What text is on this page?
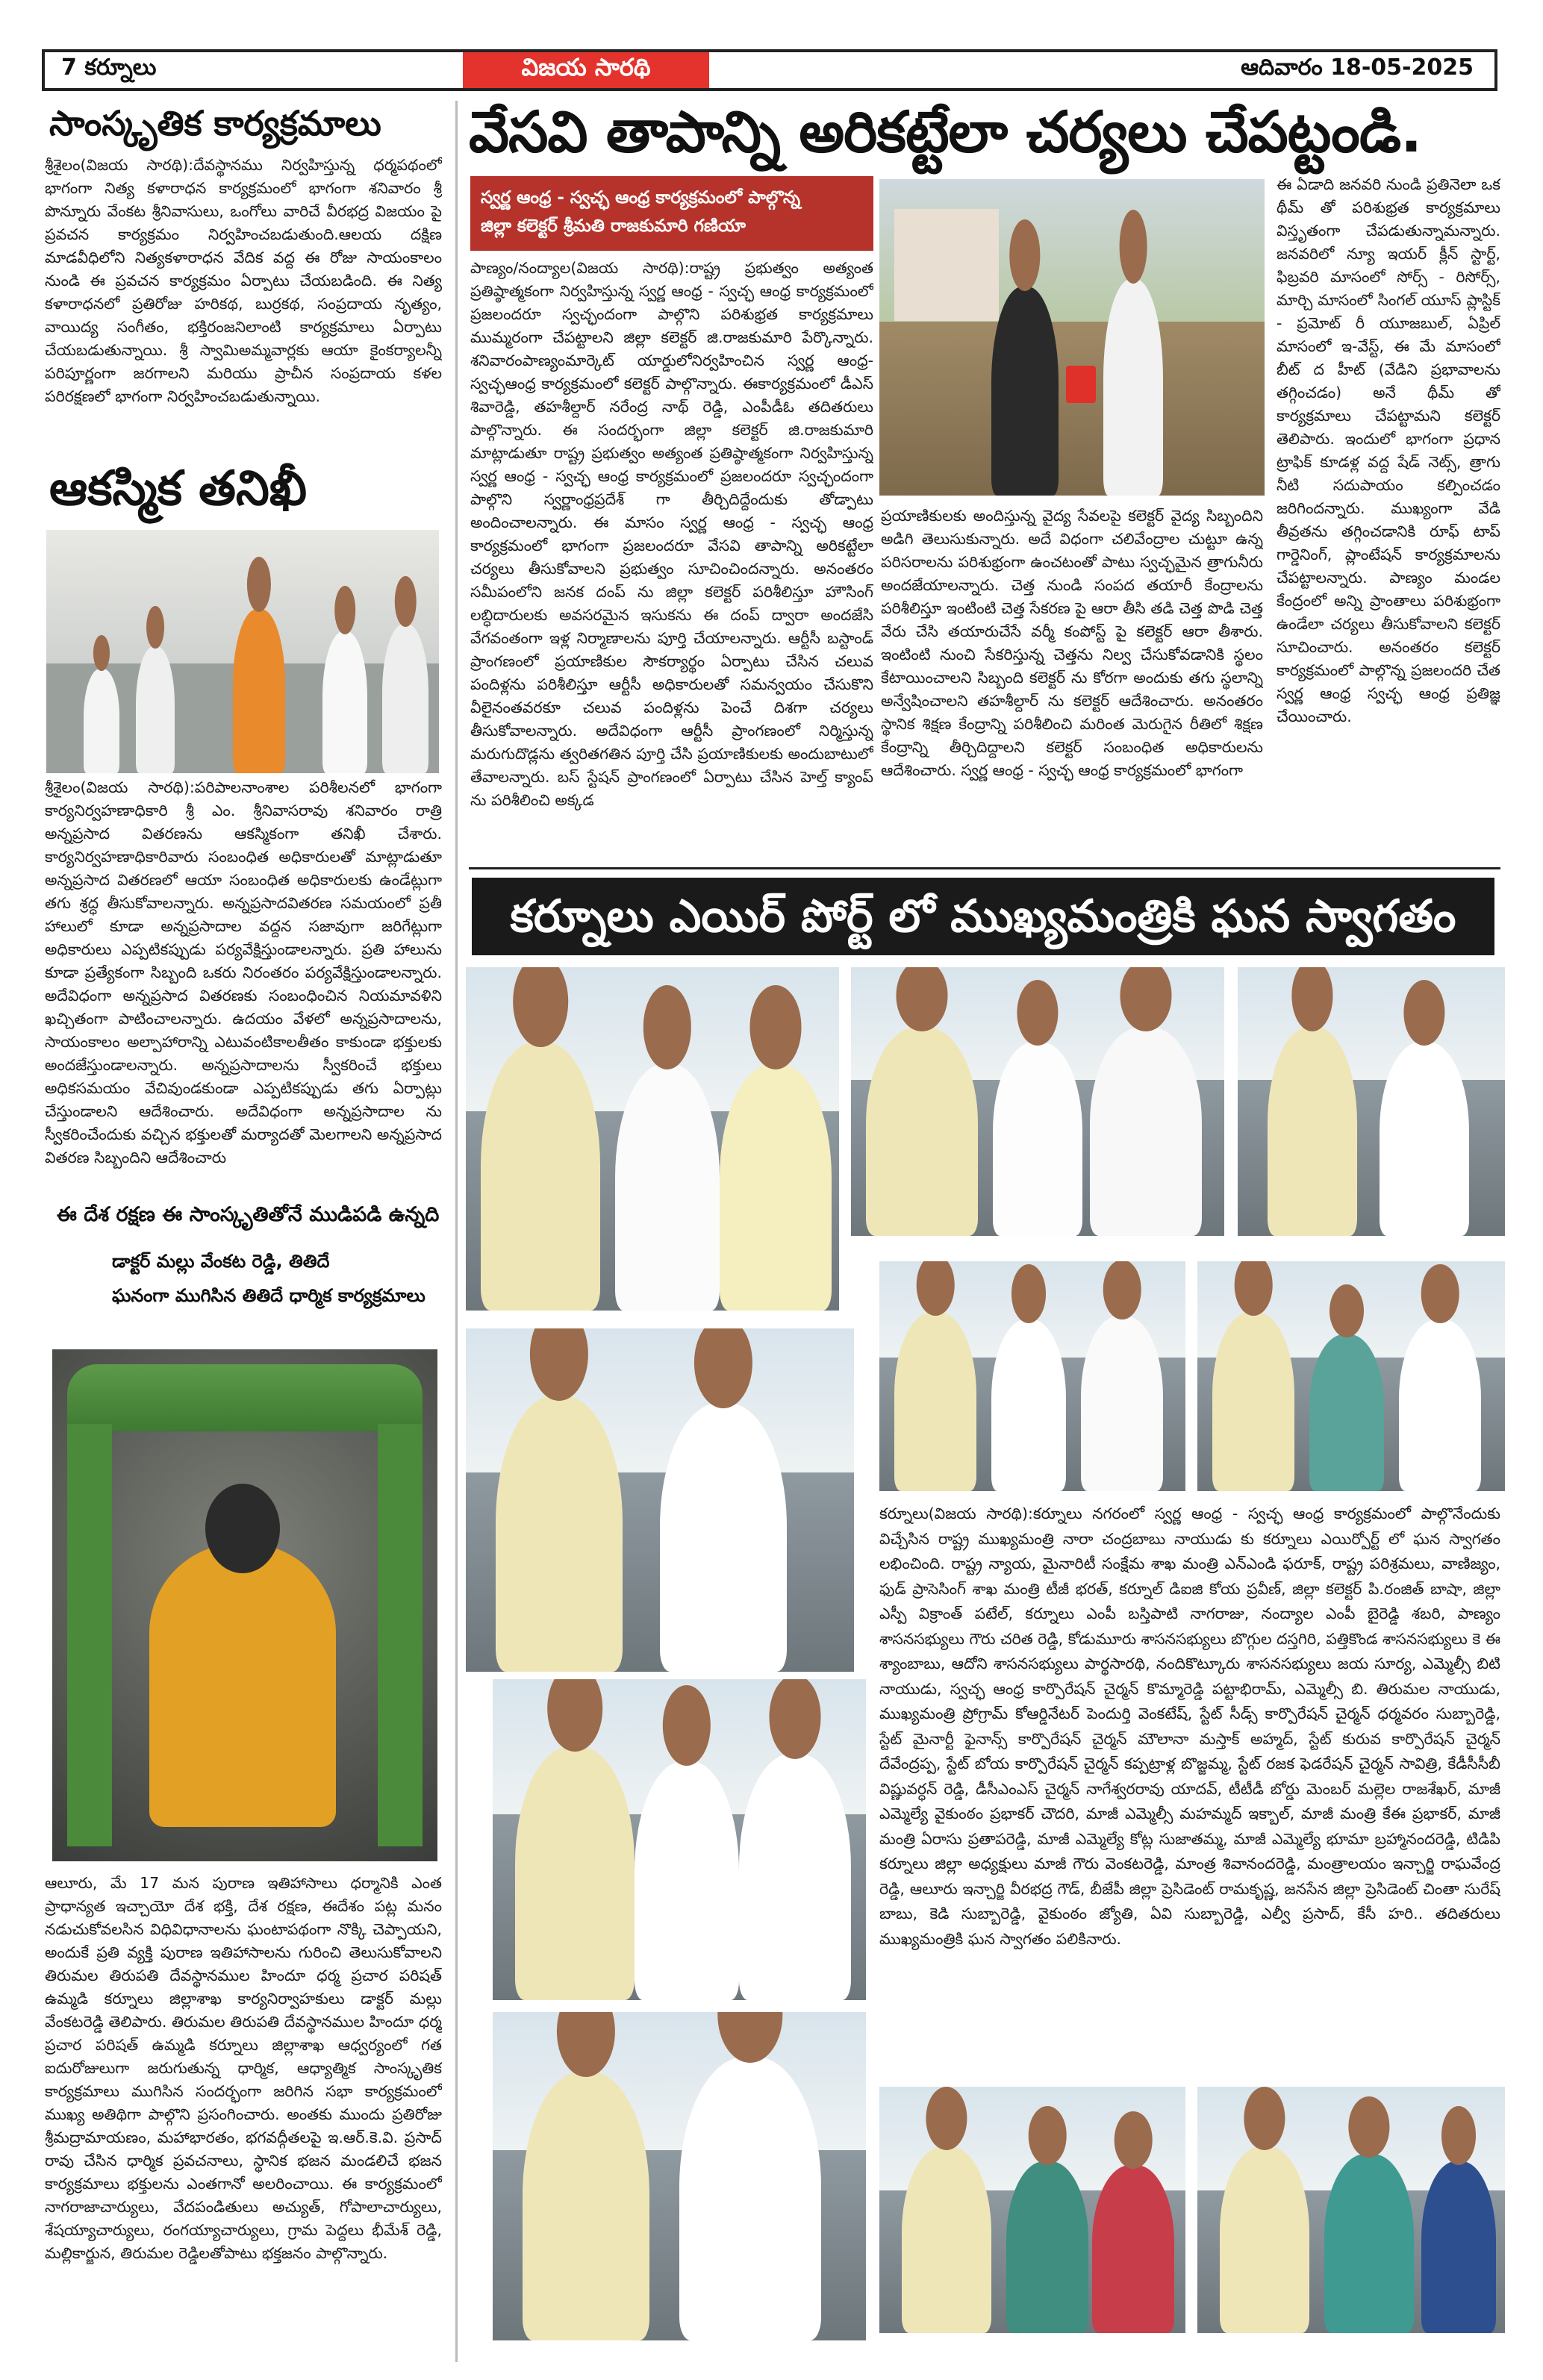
7 కర్నూలు	విజయ సారథి	ఆదివారం 18-05-2025
సాంస్కృతిక కార్యక్రమాలు
శ్రీశైలం(విజయ సారథి):దేవస్థానము నిర్వహిస్తున్న ధర్మపథంలో భాగంగా నిత్య కళారాధన కార్యక్రమంలో భాగంగా శనివారం శ్రీ పొన్నూరు వేంకట శ్రీనివాసులు, ఒంగోలు వారిచే వీరభద్ర విజయం పై ప్రవచన కార్యక్రమం నిర్వహించబడుతుంది.ఆలయ దక్షిణ మాడవీధిలోని నిత్యకళారాధన వేదిక వద్ద ఈ రోజు సాయంకాలం నుండి ఈ ప్రవచన కార్యక్రమం ఏర్పాటు చేయబడింది. ఈ నిత్య కళారాధనలో ప్రతిరోజు హరికథ, బుర్రకథ, సంప్రదాయ నృత్యం, వాయిద్య సంగీతం, భక్తిరంజనిలాంటి కార్యక్రమాలు ఏర్పాటు చేయబడుతున్నాయి. శ్రీ స్వామిఅమ్మవార్లకు ఆయా కైంకర్యాలన్నీ పరిపూర్ణంగా జరగాలని మరియు ప్రాచీన సంప్రదాయ కళల పరిరక్షణలో భాగంగా నిర్వహించబడుతున్నాయి.
ఆకస్మిక తనిఖీ
శ్రీశైలం(విజయ సారథి):పరిపాలనాంశాల పరిశీలనలో భాగంగా కార్యనిర్వహణాధికారి శ్రీ ఎం. శ్రీనివాసరావు శనివారం రాత్రి అన్నప్రసాద వితరణను ఆకస్మికంగా తనిఖీ చేశారు. కార్యనిర్వహణాధికారివారు సంబంధిత అధికారులతో మాట్లాడుతూ అన్నప్రసాద వితరణలో ఆయా సంబంధిత అధికారులకు ఉండేట్లుగా తగు శ్రద్ధ తీసుకోవాలన్నారు. అన్నప్రసాదవితరణ సమయంలో ప్రతీ హాలులో కూడా అన్నప్రసాదాల వద్దన సజావుగా జరిగేట్లుగా అధికారులు ఎప్పటికప్పుడు పర్యవేక్షిస్తుండాలన్నారు. ప్రతి హాలును కూడా ప్రత్యేకంగా సిబ్బంది ఒకరు నిరంతరం పర్యవేక్షిస్తుండాలన్నారు. అదేవిధంగా అన్నప్రసాద వితరణకు సంబంధించిన నియమావళిని ఖచ్చితంగా పాటించాలన్నారు. ఉదయం వేళలో అన్నప్రసాదాలను, సాయంకాలం అల్పాహారాన్ని ఎటువంటికాలతీతం కాకుండా భక్తులకు అందజేస్తుండాలన్నారు. అన్నప్రసాదాలను స్వీకరించే భక్తులు అధికసమయం వేచివుండకుండా ఎప్పటికప్పుడు తగు ఏర్పాట్లు చేస్తుండాలని ఆదేశించారు. అదేవిధంగా అన్నప్రసాదాల ను స్వీకరించేందుకు వచ్చిన భక్తులతో మర్యాదతో మెలగాలని అన్నప్రసాద వితరణ సిబ్బందిని ఆదేశించారు
ఈ దేశ రక్షణ ఈ సాంస్కృతితోనే ముడిపడి ఉన్నది
డాక్టర్ మల్లు వేంకట రెడ్డి, తితిదే
ఘనంగా ముగిసిన తితిదే ధార్మిక కార్యక్రమాలు
ఆలూరు, మే 17 మన పురాణ ఇతిహాసాలు ధర్మానికి ఎంత ప్రాధాన్యత ఇచ్చాయో దేశ భక్తి, దేశ రక్షణ, ఈదేశం పట్ల మనం నడుచుకోవలసిన విధివిధానాలను ఘంటాపథంగా నొక్కి చెప్పాయని, అందుకే ప్రతి వ్యక్తి పురాణ ఇతిహాసాలను గురించి తెలుసుకోవాలని తిరుమల తిరుపతి దేవస్థానముల హిందూ ధర్మ ప్రచార పరిషత్ ఉమ్మడి కర్నూలు జిల్లాశాఖ కార్యనిర్వాహకులు డాక్టర్ మల్లు వేంకటరెడ్డి తెలిపారు. తిరుమల తిరుపతి దేవస్థానముల హిందూ ధర్మ ప్రచార పరిషత్ ఉమ్మడి కర్నూలు జిల్లాశాఖ ఆధ్వర్యంలో గత ఐదురోజులుగా జరుగుతున్న ధార్మిక, ఆధ్యాత్మిక సాంస్కృతిక కార్యక్రమాలు ముగిసిన సందర్భంగా జరిగిన సభా కార్యక్రమంలో ముఖ్య అతిథిగా పాల్గొని ప్రసంగించారు. అంతకు ముందు ప్రతిరోజు శ్రీమద్రామాయణం, మహాభారతం, భగవద్గీతలపై ఇ.ఆర్.కె.వి. ప్రసాద్ రావు చేసిన ధార్మిక ప్రవచనాలు, స్థానిక భజన మండలిచే భజన కార్యక్రమాలు భక్తులను ఎంతగానో అలరించాయి. ఈ కార్యక్రమంలో నాగరాజాచార్యులు, వేదపండితులు అచ్యుత్, గోపాలాచార్యులు, శేషయ్యాచార్యులు, రంగయ్యాచార్యులు, గ్రామ పెద్దలు భీమేశ్ రెడ్డి, మల్లికార్జున, తిరుమల రెడ్డిలతోపాటు భక్తజనం పాల్గొన్నారు.
వేసవి తాపాన్ని అరికట్టేలా చర్యలు చేపట్టండి.
స్వర్ణ ఆంధ్ర - స్వచ్ఛ ఆంధ్ర కార్యక్రమంలో పాల్గొన్న
జిల్లా కలెక్టర్ శ్రీమతి రాజకుమారి గణియా
పాణ్యం/నంద్యాల(విజయ సారథి):రాష్ట్ర ప్రభుత్వం అత్యంత ప్రతిష్ఠాత్మకంగా నిర్వహిస్తున్న స్వర్ణ ఆంధ్ర - స్వచ్ఛ ఆంధ్ర కార్యక్రమంలో ప్రజలందరూ స్వచ్ఛందంగా పాల్గొని పరిశుభ్రత కార్యక్రమాలు ముమ్మరంగా చేపట్టాలని జిల్లా కలెక్టర్ జి.రాజకుమారి పేర్కొన్నారు. శనివారంపాణ్యంమార్కెట్ యార్డులోనిర్వహించిన స్వర్ణ ఆంధ్ర-స్వచ్ఛఆంధ్ర కార్యక్రమంలో కలెక్టర్ పాల్గొన్నారు. ఈకార్యక్రమంలో డీఎస్ శివారెడ్డి, తహశీల్దార్ నరేంద్ర నాథ్ రెడ్డి, ఎంపీడీఓ తదితరులు పాల్గొన్నారు. ఈ సందర్భంగా జిల్లా కలెక్టర్ జి.రాజకుమారి మాట్లాడుతూ రాష్ట్ర ప్రభుత్వం అత్యంత ప్రతిష్ఠాత్మకంగా నిర్వహిస్తున్న స్వర్ణ ఆంధ్ర - స్వచ్ఛ ఆంధ్ర కార్యక్రమంలో ప్రజలందరూ స్వచ్ఛందంగా పాల్గొని స్వర్ణాంధ్రప్రదేశ్ గా తీర్చిదిద్దేందుకు తోడ్పాటు అందించాలన్నారు. ఈ మాసం స్వర్ణ ఆంధ్ర - స్వచ్ఛ ఆంధ్ర కార్యక్రమంలో భాగంగా ప్రజలందరూ వేసవి తాపాన్ని అరికట్టేలా చర్యలు తీసుకోవాలని ప్రభుత్వం సూచించిందన్నారు. అనంతరం సమీపంలోని జనక దంప్ ను జిల్లా కలెక్టర్ పరిశీలిస్తూ హౌసింగ్ లబ్ధిదారులకు అవసరమైన ఇసుకను ఈ దంప్ ద్వారా అందజేసి వేగవంతంగా ఇళ్ల నిర్మాణాలను పూర్తి చేయాలన్నారు. ఆర్టీసీ బస్టాండ్ ప్రాంగణంలో ప్రయాణికుల సౌకర్యార్థం ఏర్పాటు చేసిన చలువ పందిళ్లను పరిశీలిస్తూ ఆర్టీసీ అధికారులతో సమన్వయం చేసుకొని వీలైనంతవరకూ చలువ పందిళ్లను పెంచే దిశగా చర్యలు తీసుకోవాలన్నారు. అదేవిధంగా ఆర్టీసీ ప్రాంగణంలో నిర్మిస్తున్న మరుగుదొడ్లను త్వరితగతిన పూర్తి చేసి ప్రయాణికులకు అందుబాటులో తేవాలన్నారు. బస్ స్టేషన్ ప్రాంగణంలో ఏర్పాటు చేసిన హెల్త్ క్యాంప్ ను పరిశీలించి అక్కడ
ప్రయాణికులకు అందిస్తున్న వైద్య సేవలపై కలెక్టర్ వైద్య సిబ్బందిని అడిగి తెలుసుకున్నారు. అదే విధంగా చలివేంద్రాల చుట్టూ ఉన్న పరిసరాలను పరిశుభ్రంగా ఉంచటంతో పాటు స్వచ్ఛమైన త్రాగునీరు అందజేయాలన్నారు. చెత్త నుండి సంపద తయారీ కేంద్రాలను పరిశీలిస్తూ ఇంటింటి చెత్త సేకరణ పై ఆరా తీసి తడి చెత్త పొడి చెత్త వేరు చేసి తయారుచేసే వర్మీ కంపోస్ట్ పై కలెక్టర్ ఆరా తీశారు. ఇంటింటి నుంచి సేకరిస్తున్న చెత్తను నిల్వ చేసుకోవడానికి స్థలం కేటాయించాలని సిబ్బంది కలెక్టర్ ను కోరగా అందుకు తగు స్థలాన్ని అన్వేషించాలని తహశీల్దార్ ను కలెక్టర్ ఆదేశించారు. అనంతరం స్థానిక శిక్షణ కేంద్రాన్ని పరిశీలించి మరింత మెరుగైన రీతిలో శిక్షణ కేంద్రాన్ని తీర్చిదిద్దాలని కలెక్టర్ సంబంధిత అధికారులను ఆదేశించారు. స్వర్ణ ఆంధ్ర - స్వచ్ఛ ఆంధ్ర కార్యక్రమంలో భాగంగా
ఈ ఏడాది జనవరి నుండి ప్రతినెలా ఒక థీమ్ తో పరిశుభ్రత కార్యక్రమాలు విస్తృతంగా చేపడుతున్నామన్నారు. జనవరిలో న్యూ ఇయర్ క్లీన్ స్టార్ట్, ఫిబ్రవరి మాసంలో సోర్స్ - రిసోర్స్, మార్చి మాసంలో సింగల్ యూస్ ప్లాస్టిక్ - ప్రమోట్ రీ యూజబుల్, ఏప్రిల్ మాసంలో ఇ-వేస్ట్, ఈ మే మాసంలో బీట్ ద హీట్ (వేడిని ప్రభావాలను తగ్గించడం) అనే థీమ్ తో కార్యక్రమాలు చేపట్టామని కలెక్టర్ తెలిపారు. ఇందులో భాగంగా ప్రధాన ట్రాఫిక్ కూడళ్ల వద్ద షేడ్ నెట్స్, త్రాగు నీటి సదుపాయం కల్పించడం జరిగిందన్నారు. ముఖ్యంగా వేడి తీవ్రతను తగ్గించడానికి రూఫ్ టాప్ గార్డెనింగ్, ప్లాంటేషన్ కార్యక్రమాలను చేపట్టాలన్నారు. పాణ్యం మండల కేంద్రంలో అన్ని ప్రాంతాలు పరిశుభ్రంగా ఉండేలా చర్యలు తీసుకోవాలని కలెక్టర్ సూచించారు. అనంతరం కలెక్టర్ కార్యక్రమంలో పాల్గొన్న ప్రజలందరి చేత స్వర్ణ ఆంధ్ర స్వచ్ఛ ఆంధ్ర ప్రతిజ్ఞ చేయించారు.
కర్నూలు ఎయిర్ పోర్ట్ లో ముఖ్యమంత్రికి ఘన స్వాగతం
కర్నూలు(విజయ సారథి):కర్నూలు నగరంలో స్వర్ణ ఆంధ్ర - స్వచ్ఛ ఆంధ్ర కార్యక్రమంలో పాల్గొనేందుకు విచ్చేసిన రాష్ట్ర ముఖ్యమంత్రి నారా చంద్రబాబు నాయుడు కు కర్నూలు ఎయిర్పోర్ట్ లో ఘన స్వాగతం లభించింది. రాష్ట్ర న్యాయ, మైనారిటీ సంక్షేమ శాఖ మంత్రి ఎన్ఎండి ఫరూక్, రాష్ట్ర పరిశ్రమలు, వాణిజ్యం, ఫుడ్ ప్రాసెసింగ్ శాఖ మంత్రి టీజీ భరత్, కర్నూల్ డిఐజి కోయ ప్రవీణ్, జిల్లా కలెక్టర్ పి.రంజిత్ బాషా, జిల్లా ఎస్పీ విక్రాంత్ పటేల్, కర్నూలు ఎంపీ బస్తిపాటి నాగరాజు, నంద్యాల ఎంపీ బైరెడ్డి శబరి, పాణ్యం శాసనసభ్యులు గౌరు చరిత రెడ్డి, కోడుమూరు శాసనసభ్యులు బొగ్గుల దస్తగిరి, పత్తికొండ శాసనసభ్యులు కె ఈ శ్యాంబాబు, ఆదోని శాసనసభ్యులు పార్థసారథి, నందికొట్కూరు శాసనసభ్యులు జయ సూర్య, ఎమ్మెల్సీ బిటి నాయుడు, స్వచ్ఛ ఆంధ్ర కార్పొరేషన్ చైర్మన్ కొమ్మారెడ్డి పట్టాభిరామ్, ఎమ్మెల్సీ బి. తిరుమల నాయుడు, ముఖ్యమంత్రి ప్రోగ్రామ్ కోఆర్డినేటర్ పెందుర్తి వెంకటేష్, స్టేట్ సీడ్స్ కార్పొరేషన్ చైర్మన్ ధర్మవరం సుబ్బారెడ్డి, స్టేట్ మైనార్టీ ఫైనాన్స్ కార్పొరేషన్ చైర్మన్ మౌలానా మస్తాక్ అహ్మద్, స్టేట్ కురువ కార్పొరేషన్ చైర్మన్ దేవేంద్రప్ప, స్టేట్ బోయ కార్పొరేషన్ చైర్మన్ కప్పట్రాళ్ల బొజ్జమ్మ, స్టేట్ రజక ఫెడరేషన్ చైర్మన్ సావిత్రి, కేడీసీసీబీ విష్ణువర్ధన్ రెడ్డి, డీసీఎంఎస్ చైర్మన్ నాగేశ్వరరావు యాదవ్, టీటీడీ బోర్డు మెంబర్ మల్లెల రాజశేఖర్, మాజీ ఎమ్మెల్యే వైకుంఠం ప్రభాకర్ చౌదరి, మాజీ ఎమ్మెల్సీ మహమ్మద్ ఇక్బాల్, మాజీ మంత్రి కేఈ ప్రభాకర్, మాజీ మంత్రి ఏరాసు ప్రతాపరెడ్డి, మాజీ ఎమ్మెల్యే కోట్ల సుజాతమ్మ, మాజీ ఎమ్మెల్యే భూమా బ్రహ్మానందరెడ్డి, టిడిపి కర్నూలు జిల్లా అధ్యక్షులు మాజీ గౌరు వెంకటరెడ్డి, మాంత్ర శివానందరెడ్డి, మంత్రాలయం ఇన్చార్జి రాఘవేంద్ర రెడ్డి, ఆలూరు ఇన్చార్జి వీరభద్ర గౌడ్, బీజేపీ జిల్లా ప్రెసిడెంట్ రామకృష్ణ, జనసేన జిల్లా ప్రెసిడెంట్ చింతా సురేష్ బాబు, కెడి సుబ్బారెడ్డి, వైకుంఠం జ్యోతి, ఏవి సుబ్బారెడ్డి, ఎల్వీ ప్రసాద్, కేసీ హరి.. తదితరులు ముఖ్యమంత్రికి ఘన స్వాగతం పలికినారు.
